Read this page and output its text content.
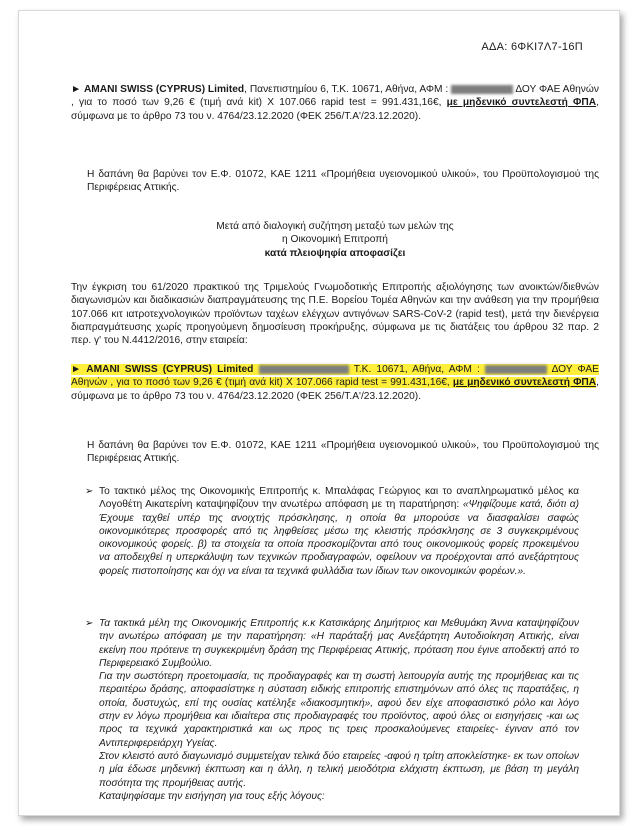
ΑΔΑ: 6ΦΚΙ7Λ7-16Π

► AMANI SWISS (CYPRUS) Limited, Πανεπιστημίου 6, Τ.Κ. 10671, Αθήνα, ΑΦΜ :	ΔΟΥ ΦΑΕ Αθηνών , για το ποσό των 9,26 € (τιμή ανά kit) Χ 107.066 rapid test = 991.431,16€, με μηδενικό συντελεστή ΦΠΑ, σύμφωνα με το άρθρο 73 του ν. 4764/23.12.2020 (ΦΕΚ 256/Τ.Α'/23.12.2020).

Η δαπάνη θα βαρύνει τον Ε.Φ. 01072, ΚΑΕ 1211 «Προμήθεια υγειονομικού υλικού», του Προϋπολογισμού της Περιφέρειας Αττικής.

Μετά από διαλογική συζήτηση μεταξύ των μελών της
η Οικονομική Επιτροπή
κατά πλειοψηφία αποφασίζει

Την έγκριση του 61/2020 πρακτικού της Τριμελούς Γνωμοδοτικής Επιτροπής αξιολόγησης των ανοικτών/διεθνών διαγωνισμών και διαδικασιών διαπραγμάτευσης της Π.Ε. Βορείου Τομέα Αθηνών και την ανάθεση για την προμήθεια 107.066 κιτ ιατροτεχνολογικών προϊόντων ταχέων ελέγχων αντιγόνων SARS-CoV-2 (rapid test), μετά την διενέργεια διαπραγμάτευσης χωρίς προηγούμενη δημοσίευση προκήρυξης, σύμφωνα με τις διατάξεις του άρθρου 32 παρ. 2 περ. γ' του Ν.4412/2016, στην εταιρεία:

► AMANI SWISS (CYPRUS) Limited	Τ.Κ. 10671, Αθήνα, ΑΦΜ :	ΔΟΥ ΦΑΕ Αθηνών , για το ποσό των 9,26 € (τιμή ανά kit) Χ 107.066 rapid test = 991.431,16€, με μηδενικό συντελεστή ΦΠΑ, σύμφωνα με το άρθρο 73 του ν. 4764/23.12.2020 (ΦΕΚ 256/Τ.Α'/23.12.2020).

Η δαπάνη θα βαρύνει τον Ε.Φ. 01072, ΚΑΕ 1211 «Προμήθεια υγειονομικού υλικού», του Προϋπολογισμού της Περιφέρειας Αττικής.

➢ Το τακτικό μέλος της Οικονομικής Επιτροπής κ. Μπαλάφας Γεώργιος και το αναπληρωματικό μέλος κα Λογοθέτη Αικατερίνη καταψηφίζουν την ανωτέρω απόφαση με τη παρατήρηση: «Ψηφίζουμε κατά, διότι α) Έχουμε ταχθεί υπέρ της ανοιχτής πρόσκλησης, η οποία θα μπορούσε να διασφαλίσει σαφώς οικονομικότερες προσφορές από τις ληφθείσες μέσω της κλειστής πρόσκλησης σε 3 συγκεκριμένους οικονομικούς φορείς. β) τα στοιχεία τα οποία προσκομίζονται από τους οικονομικούς φορείς προκειμένου να αποδειχθεί η υπερκάλυψη των τεχνικών προδιαγραφών, οφείλουν να προέρχονται από ανεξάρτητους φορείς πιστοποίησης και όχι να είναι τα τεχνικά φυλλάδια των ίδιων των οικονομικών φορέων.».
➢ Τα τακτικά μέλη της Οικονομικής Επιτροπής κ.κ Κατσικάρης Δημήτριος και Μεθυμάκη Άννα καταψηφίζουν την ανωτέρω απόφαση με την παρατήρηση: «Η παράταξή μας Ανεξάρτητη Αυτοδιοίκηση Αττικής, είναι εκείνη που πρότεινε τη συγκεκριμένη δράση της Περιφέρειας Αττικής, πρόταση που έγινε αποδεκτή από το Περιφερειακό Συμβούλιο.
Για την σωστότερη προετοιμασία, τις προδιαγραφές και τη σωστή λειτουργία αυτής της προμήθειας και τις περαιτέρω δράσης, αποφασίστηκε η σύσταση ειδικής επιτροπής επιστημόνων από όλες τις παρατάξεις, η οποία, δυστυχώς, επί της ουσίας κατέληξε «διακοσμητική», αφού δεν είχε αποφασιστικό ρόλο και λόγο στην εν λόγω προμήθεια και ιδιαίτερα στις προδιαγραφές του προϊόντος, αφού όλες οι εισηγήσεις -και ως προς τα τεχνικά χαρακτηριστικά και ως προς τις τρεις προσκαλούμενες εταιρείες- έγιναν από τον Αντιπεριφερειάρχη Υγείας.
Στον κλειστό αυτό διαγωνισμό συμμετείχαν τελικά δύο εταιρείες -αφού η τρίτη αποκλείστηκε- εκ των οποίων η μία έδωσε μηδενική έκπτωση και η άλλη, η τελική μειοδότρια ελάχιστη έκπτωση, με βάση τη μεγάλη ποσότητα της προμήθειας αυτής.
Καταψηφίσαμε την εισήγηση για τους εξής λόγους:
